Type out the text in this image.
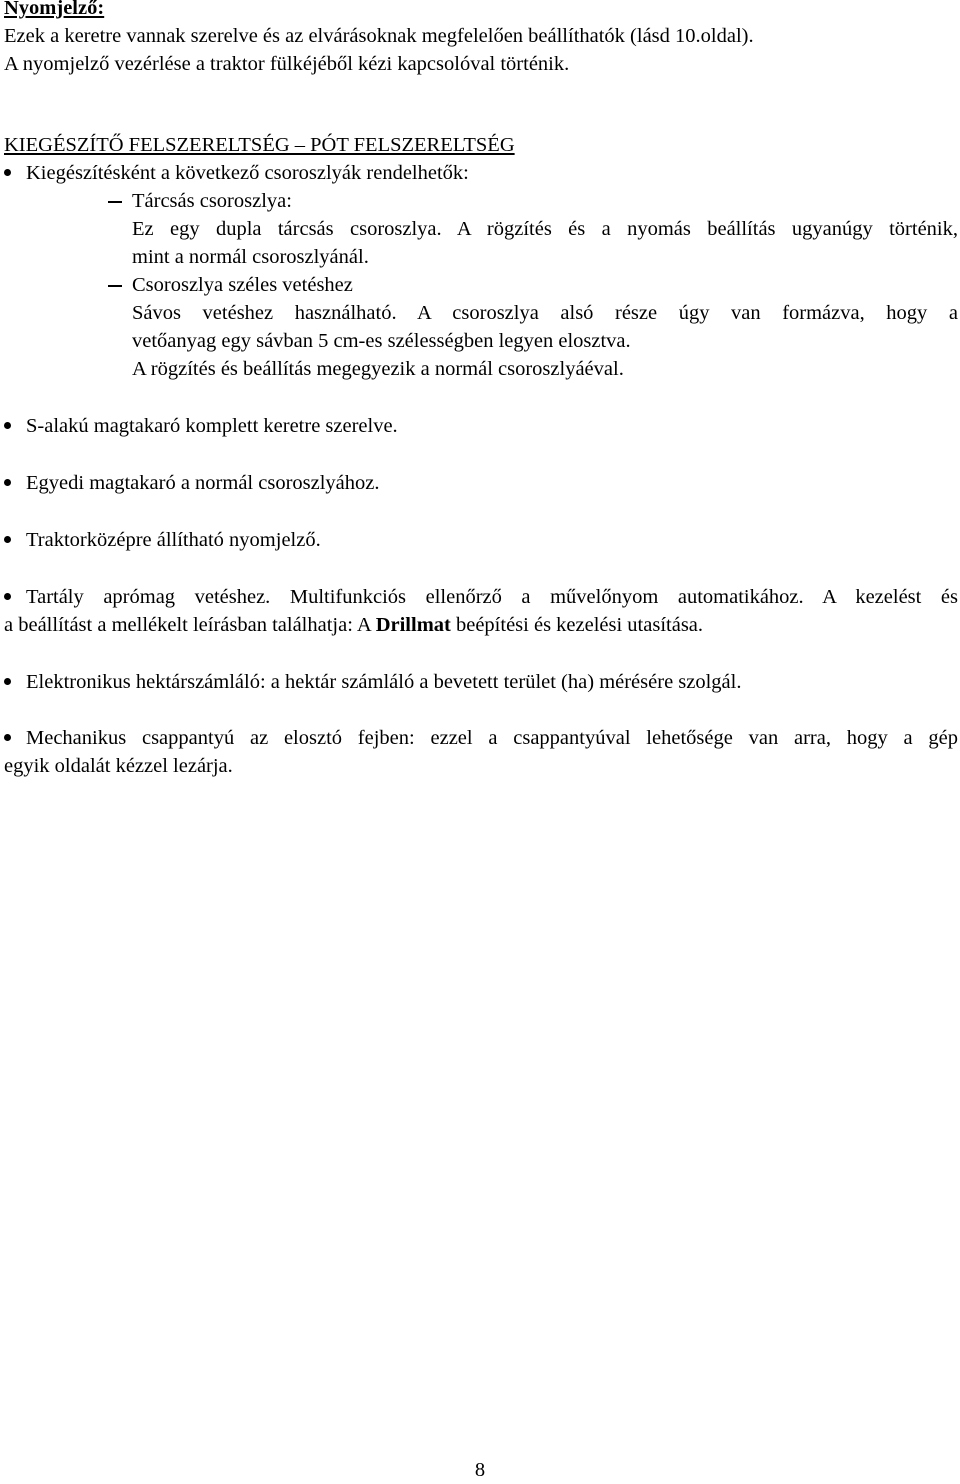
Nyomjelző:
Ezek a keretre vannak szerelve és az elvárásoknak megfelelően beállíthatók (lásd 10.oldal).
A nyomjelző vezérlése a traktor fülkéjéből kézi kapcsolóval történik.
KIEGÉSZÍTŐ FELSZERELTSÉG – PÓT FELSZERELTSÉG
Kiegészítésként a következő csoroszlyák rendelhetők:
Tárcsás csoroszlya:
Ez egy dupla tárcsás csoroszlya. A rögzítés és a nyomás beállítás ugyanúgy történik,
mint a normál csoroszlyánál.
Csoroszlya széles vetéshez
Sávos vetéshez használható. A csoroszlya alsó része úgy van formázva, hogy a
vetőanyag egy sávban 5 cm-es szélességben legyen elosztva.
A rögzítés és beállítás megegyezik a normál csoroszlyáéval.
S-alakú magtakaró komplett keretre szerelve.
Egyedi magtakaró a normál csoroszlyához.
Traktorközépre állítható nyomjelző.
Tartály aprómag vetéshez. Multifunkciós ellenőrző a művelőnyom automatikához. A kezelést és
a beállítást a mellékelt leírásban találhatja: A Drillmat beépítési és kezelési utasítása.
Elektronikus hektárszámláló: a hektár számláló a bevetett terület (ha) mérésére szolgál.
Mechanikus csappantyú az elosztó fejben: ezzel a csappantyúval lehetősége van arra, hogy a gép
egyik oldalát kézzel lezárja.
8
